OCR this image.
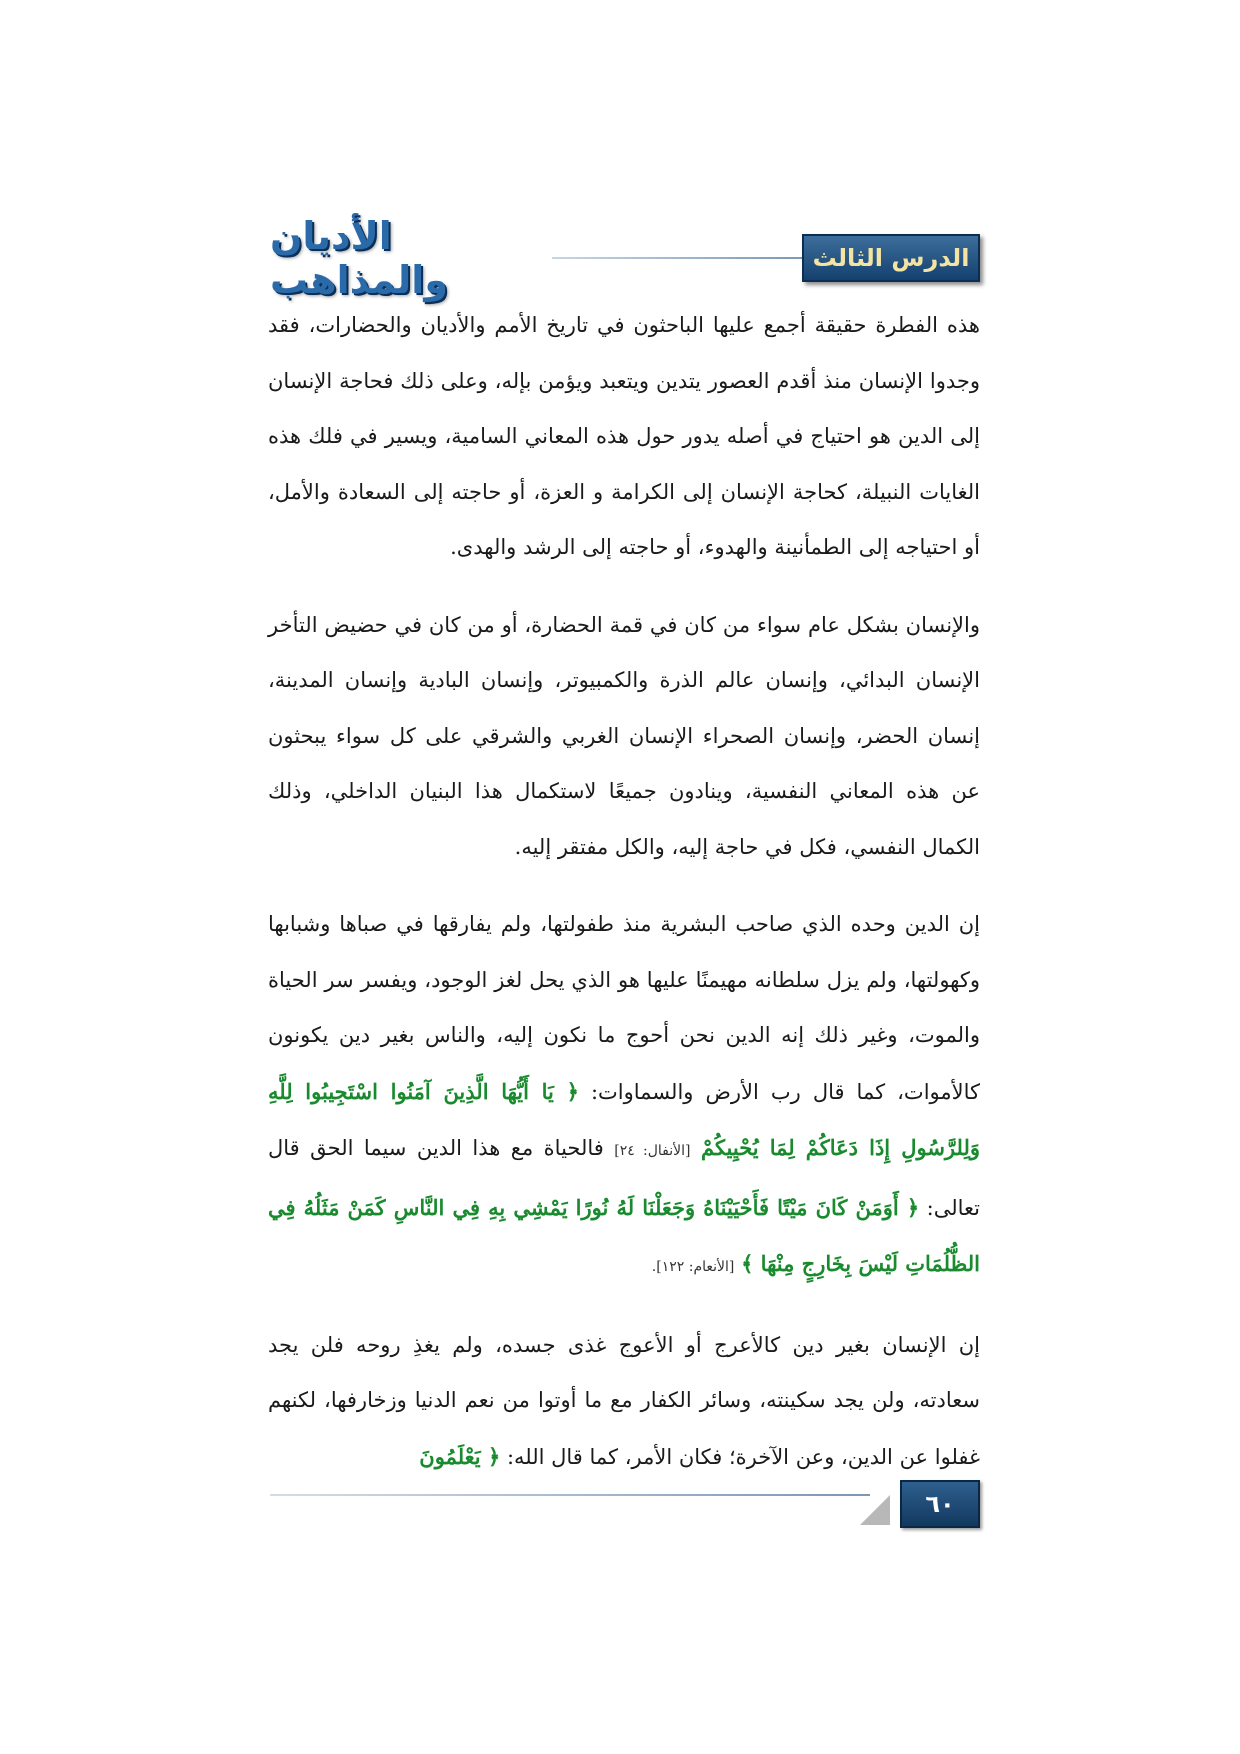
الأديان والمذاهب	الدرس الثالث

هذه الفطرة حقيقة أجمع عليها الباحثون في تاريخ الأمم والأديان والحضارات، فقد وجدوا الإنسان منذ أقدم العصور يتدين ويتعبد ويؤمن بإله، وعلى ذلك فحاجة الإنسان إلى الدين هو احتياج في أصله يدور حول هذه المعاني السامية، ويسير في فلك هذه الغايات النبيلة، كحاجة الإنسان إلى الكرامة و العزة، أو حاجته إلى السعادة والأمل، أو احتياجه إلى الطمأنينة والهدوء، أو حاجته إلى الرشد والهدى.

والإنسان بشكل عام سواء من كان في قمة الحضارة، أو من كان في حضيض التأخر الإنسان البدائي، وإنسان عالم الذرة والكمبيوتر، وإنسان البادية وإنسان المدينة، إنسان الحضر، وإنسان الصحراء الإنسان الغربي والشرقي على كل سواء يبحثون عن هذه المعاني النفسية، وينادون جميعًا لاستكمال هذا البنيان الداخلي، وذلك الكمال النفسي، فكل في حاجة إليه، والكل مفتقر إليه.

إن الدين وحده الذي صاحب البشرية منذ طفولتها، ولم يفارقها في صباها وشبابها وكهولتها، ولم يزل سلطانه مهيمنًا عليها هو الذي يحل لغز الوجود، ويفسر سر الحياة والموت، وغير ذلك إنه الدين نحن أحوج ما نكون إليه، والناس بغير دين يكونون كالأموات، كما قال رب الأرض والسماوات: ﴿ يَا أَيُّهَا الَّذِينَ آمَنُوا اسْتَجِيبُوا لِلَّهِ وَلِلرَّسُولِ إِذَا دَعَاكُمْ لِمَا يُحْيِيكُمْ [الأنفال: ٢٤] فالحياة مع هذا الدين سيما الحق قال تعالى: ﴿ أَوَمَنْ كَانَ مَيْتًا فَأَحْيَيْنَاهُ وَجَعَلْنَا لَهُ نُورًا يَمْشِي بِهِ فِي النَّاسِ كَمَنْ مَثَلُهُ فِي الظُّلُمَاتِ لَيْسَ بِخَارِجٍ مِنْهَا ﴾ [الأنعام: ١٢٢].

إن الإنسان بغير دين كالأعرج أو الأعوج غذى جسده، ولم يغذِ روحه فلن يجد سعادته، ولن يجد سكينته، وسائر الكفار مع ما أوتوا من نعم الدنيا وزخارفها، لكنهم غفلوا عن الدين، وعن الآخرة؛ فكان الأمر، كما قال الله: ﴿ يَعْلَمُونَ

٦٠
